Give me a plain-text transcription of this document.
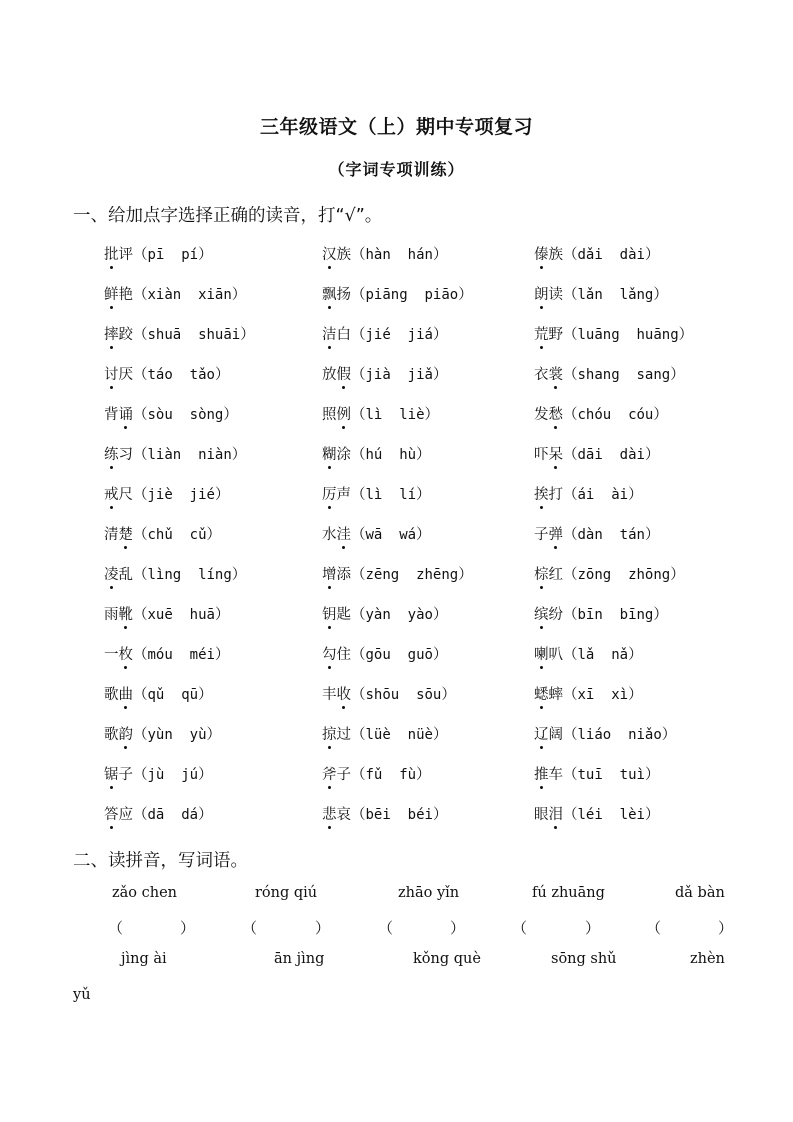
三年级语文（上）期中专项复习
（字词专项训练）
一、给加点字选择正确的读音，打“√”。
批评（pī  pí）	汉族（hàn  hán）	傣族（dǎi  dài）
鲜艳（xiàn  xiān）	飘扬（piāng  piāo）	朗读（lǎn  lǎng）
摔跤（shuā  shuāi）	洁白（jié  jiá）	荒野（luāng  huāng）
讨厌（táo  tǎo）	放假（jià  jiǎ）	衣裳（shang  sang）
背诵（sòu  sòng）	照例（lì  liè）	发愁（chóu  cóu）
练习（liàn  niàn）	糊涂（hú  hù）	吓呆（dāi  dài）
戒尺（jiè  jié）	厉声（lì  lí）	挨打（ái  ài）
清楚（chǔ  cǔ）	水洼（wā  wá）	子弹（dàn  tán）
凌乱（lìng  líng）	增添（zēng  zhēng）	棕红（zōng  zhōng）
雨靴（xuē  huā）	钥匙（yàn  yào）	缤纷（bīn  bīng）
一枚（móu  méi）	勾住（gōu  guō）	喇叭（lǎ  nǎ）
歌曲（qǔ  qū）	丰收（shōu  sōu）	蟋蟀（xī  xì）
歌韵（yùn  yù）	掠过（lüè  nüè）	辽阔（liáo  niǎo）
锯子（jù  jú）	斧子（fǔ  fù）	推车（tuī  tuì）
答应（dā  dá）	悲哀（bēi  béi）	眼泪（léi  lèi）
二、读拼音，写词语。
zǎo chen	róng qiú	zhāo yǐn	fú zhuāng	dǎ bàn
（	）	（	）	（	）	（	）	（	）
jìng ài	ān jìng	kǒng què	sōng shǔ	zhèn
yǔ
